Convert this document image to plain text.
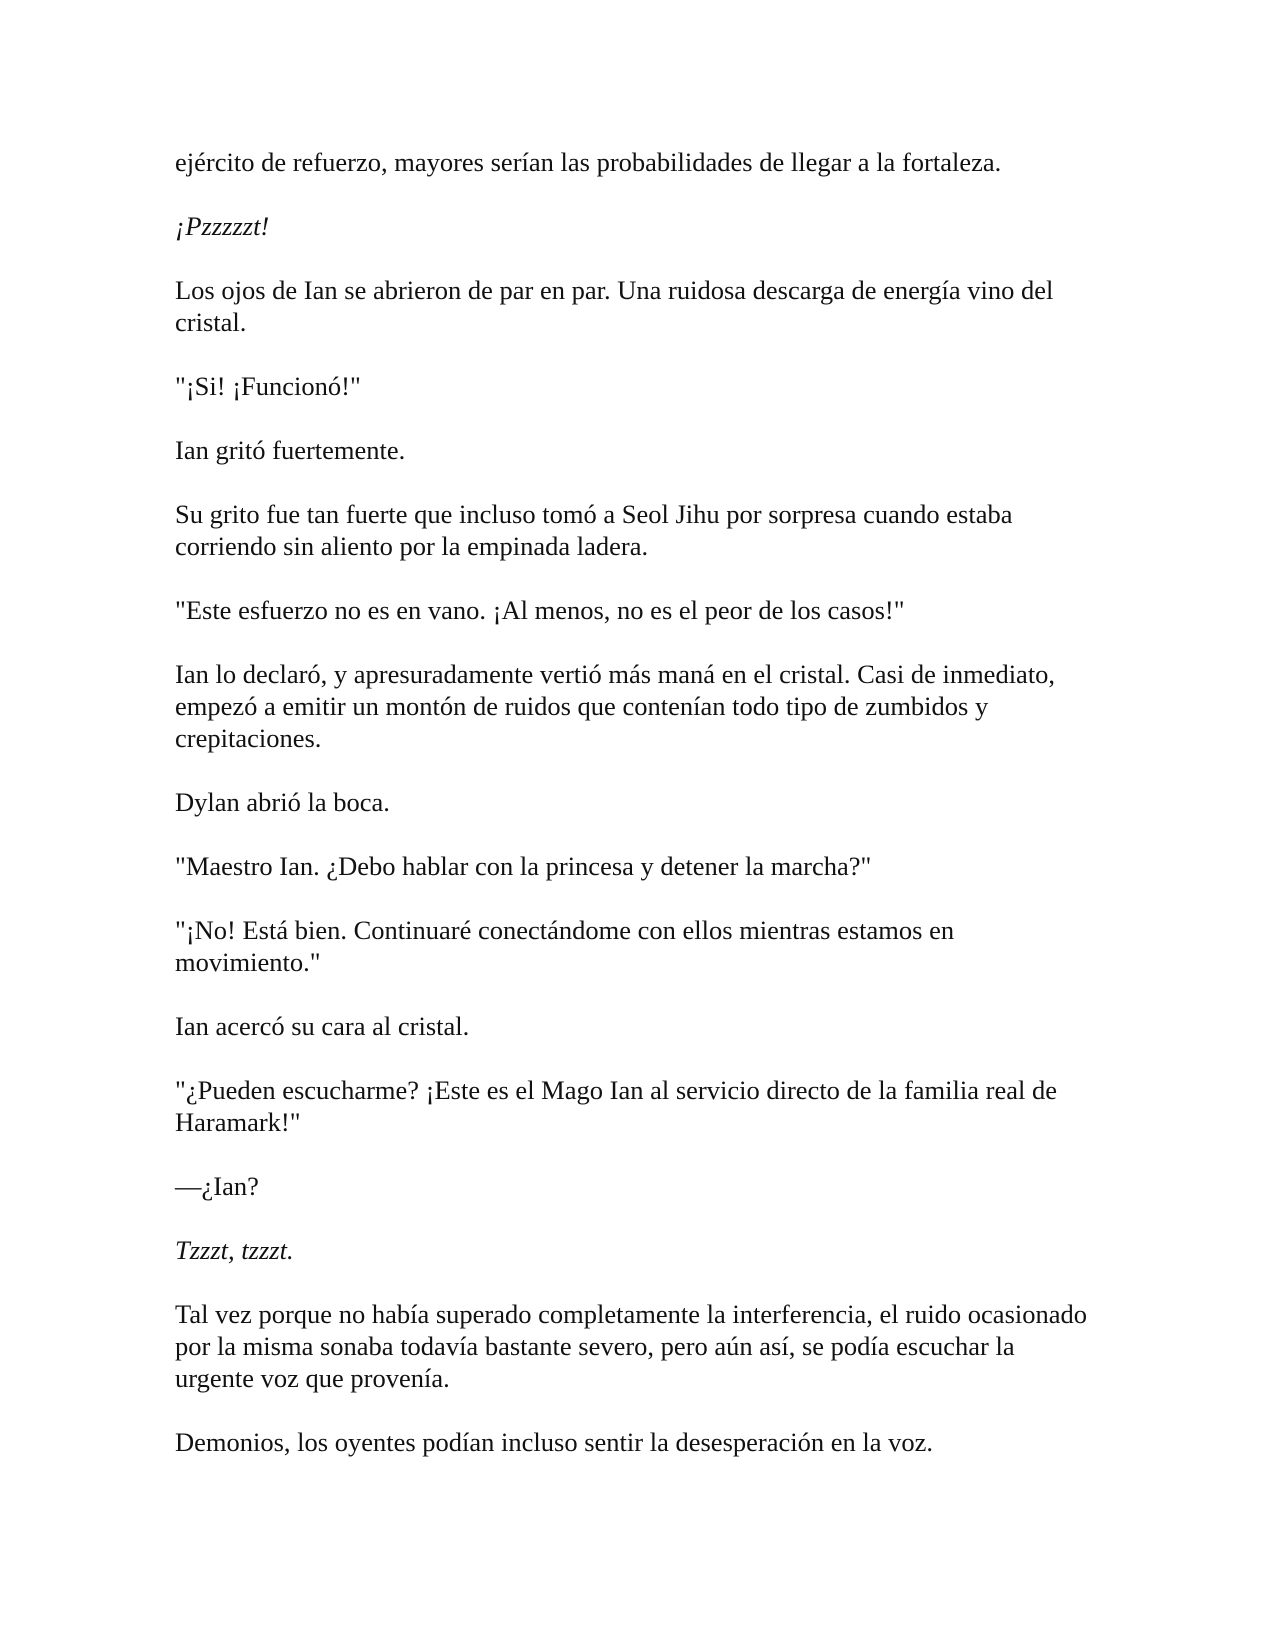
ejército de refuerzo, mayores serían las probabilidades de llegar a la fortaleza.

¡Pzzzzzt!

Los ojos de Ian se abrieron de par en par. Una ruidosa descarga de energía vino del cristal.

"¡Si! ¡Funcionó!"

Ian gritó fuertemente.

Su grito fue tan fuerte que incluso tomó a Seol Jihu por sorpresa cuando estaba corriendo sin aliento por la empinada ladera.

"Este esfuerzo no es en vano. ¡Al menos, no es el peor de los casos!"

Ian lo declaró, y apresuradamente vertió más maná en el cristal. Casi de inmediato, empezó a emitir un montón de ruidos que contenían todo tipo de zumbidos y crepitaciones.

Dylan abrió la boca.

"Maestro Ian. ¿Debo hablar con la princesa y detener la marcha?"

"¡No! Está bien. Continuaré conectándome con ellos mientras estamos en movimiento."

Ian acercó su cara al cristal.

"¿Pueden escucharme? ¡Este es el Mago Ian al servicio directo de la familia real de Haramark!"

—¿Ian?

Tzzzt, tzzzt.

Tal vez porque no había superado completamente la interferencia, el ruido ocasionado por la misma sonaba todavía bastante severo, pero aún así, se podía escuchar la urgente voz que provenía.

Demonios, los oyentes podían incluso sentir la desesperación en la voz.
